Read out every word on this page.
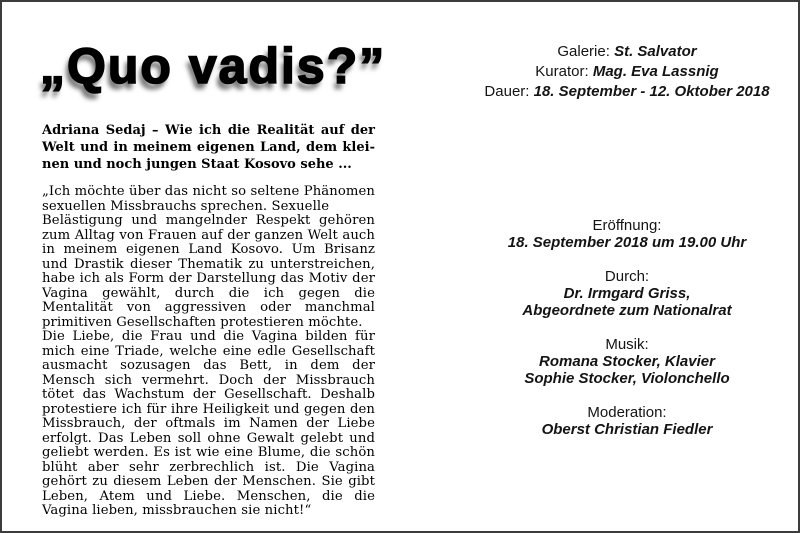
„Quo vadis?”
Adriana Sedaj – Wie ich die Realität auf der Welt und in meinem eigenen Land, dem kleinen und noch jungen Staat Kosovo sehe ...
„Ich möchte über das nicht so seltene Phänomen sexuellen Missbrauchs sprechen. Sexuelle
Belästigung und mangelnder Respekt gehören zum Alltag von Frauen auf der ganzen Welt auch in meinem eigenen Land Kosovo. Um Brisanz und Drastik dieser Thematik zu unterstreichen, habe ich als Form der Darstellung das Motiv der Vagina gewählt, durch die ich gegen die Mentalität von aggressiven oder manchmal primitiven Gesellschaften protestieren möchte.
Die Liebe, die Frau und die Vagina bilden für mich eine Triade, welche eine edle Gesellschaft ausmacht sozusagen das Bett, in dem der Mensch sich vermehrt. Doch der Missbrauch tötet das Wachstum der Gesellschaft. Deshalb protestiere ich für ihre Heiligkeit und gegen den Missbrauch, der oftmals im Namen der Liebe erfolgt. Das Leben soll ohne Gewalt gelebt und geliebt werden. Es ist wie eine Blume, die schön blüht aber sehr zerbrechlich ist. Die Vagina gehört zu diesem Leben der Menschen. Sie gibt Leben, Atem und Liebe. Menschen, die die Vagina lieben, missbrauchen sie nicht!“
Galerie: St. Salvator
Kurator: Mag. Eva Lassnig
Dauer: 18. September - 12. Oktober 2018
Eröffnung:
18. September 2018 um 19.00 Uhr
Durch:
Dr. Irmgard Griss,
Abgeordnete zum Nationalrat
Musik:
Romana Stocker, Klavier
Sophie Stocker, Violonchello
Moderation:
Oberst Christian Fiedler
